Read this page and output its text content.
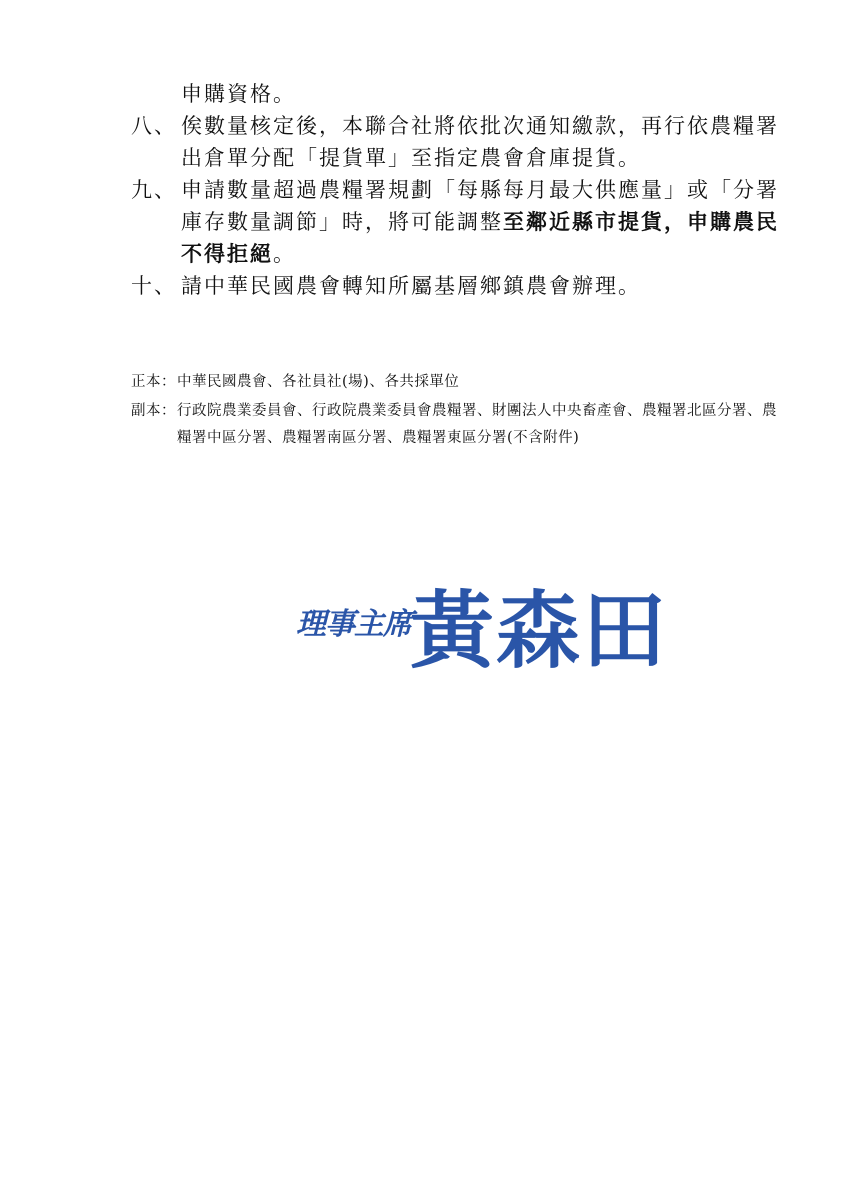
申購資格。
八、 俟數量核定後，本聯合社將依批次通知繳款，再行依農糧署出倉單分配「提貨單」至指定農會倉庫提貨。
九、 申請數量超過農糧署規劃「每縣每月最大供應量」或「分署庫存數量調節」時，將可能調整至鄰近縣市提貨，申購農民不得拒絕。
十、 請中華民國農會轉知所屬基層鄉鎮農會辦理。
正本： 中華民國農會、各社員社(場)、各共採單位
副本： 行政院農業委員會、行政院農業委員會農糧署、財團法人中央畜產會、農糧署北區分署、農糧署中區分署、農糧署南區分署、農糧署東區分署(不含附件)
理事主席
黃森田
